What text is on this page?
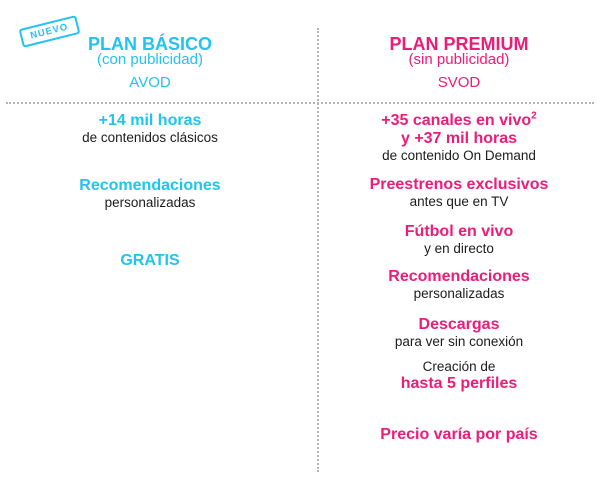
NUEVO
PLAN BÁSICO
(con publicidad)
AVOD
+14 mil horas
de contenidos clásicos
Recomendaciones
personalizadas
GRATIS
PLAN PREMIUM
(sin publicidad)
SVOD
+35 canales en vivo$^2$
y +37 mil horas
de contenido On Demand
Preestrenos exclusivos
antes que en TV
Fútbol en vivo
y en directo
Recomendaciones
personalizadas
Descargas
para ver sin conexión
Creación de
hasta 5 perfiles
Precio varía por país
